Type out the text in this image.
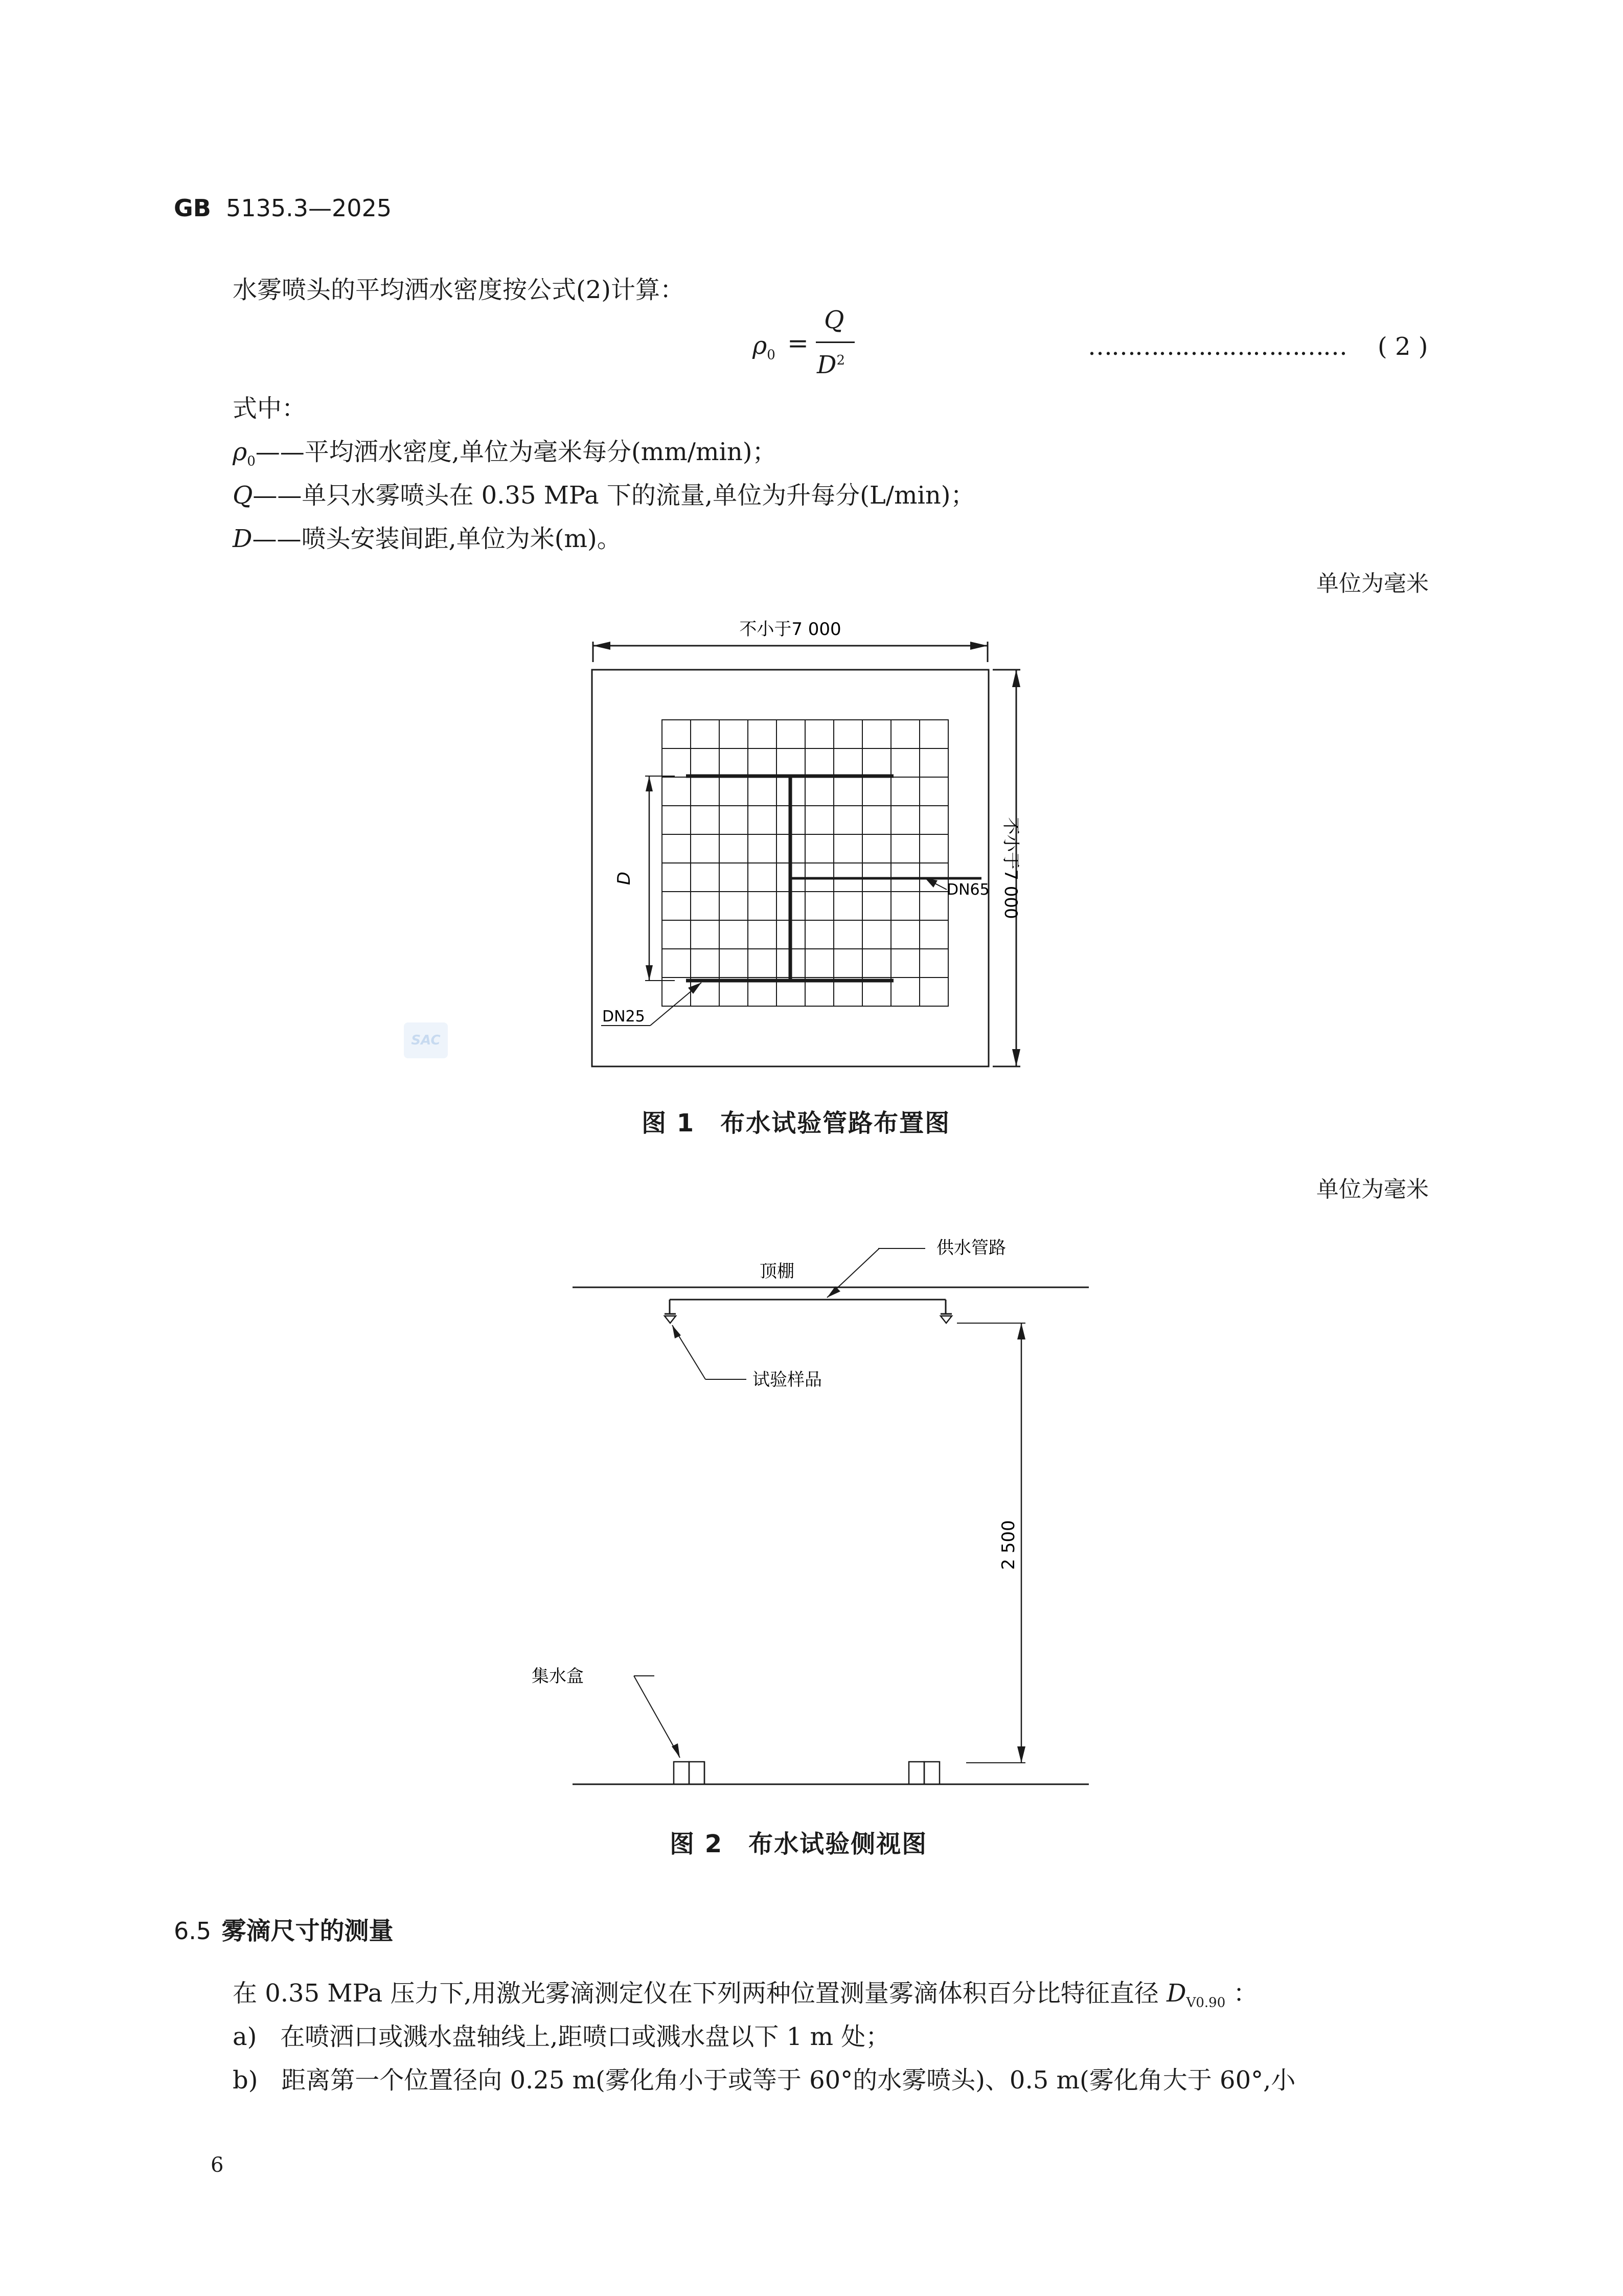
GB 5135.3—2025
水雾喷头的平均洒水密度按公式(2)计算：
$\rho_0$ =
Q
$D^2$	…………………………… ( 2 )
式中：
$\rho_0——$平均洒水密度,单位为毫米每分(mm/min)；
Q——单只水雾喷头在 0.35 MPa 下的流量,单位为升每分(L/min)；
D——喷头安装间距,单位为米(m)。
单位为毫米
不小于7 000
不小于7 000
D
DN65
DN25
SAC
图 1　布水试验管路布置图
单位为毫米
顶棚
供水管路
试验样品
2 500
集水盒
图 2　布水试验侧视图
6.5 雾滴尺寸的测量
在 0.35 MPa 压力下,用激光雾滴测定仪在下列两种位置测量雾滴体积百分比特征直径 $D_{V0.90}$ ：
a) 在喷洒口或溅水盘轴线上,距喷口或溅水盘以下 1 m 处；
b) 距离第一个位置径向 0.25 m(雾化角小于或等于 60°的水雾喷头)、0.5 m(雾化角大于 60°,小
6
